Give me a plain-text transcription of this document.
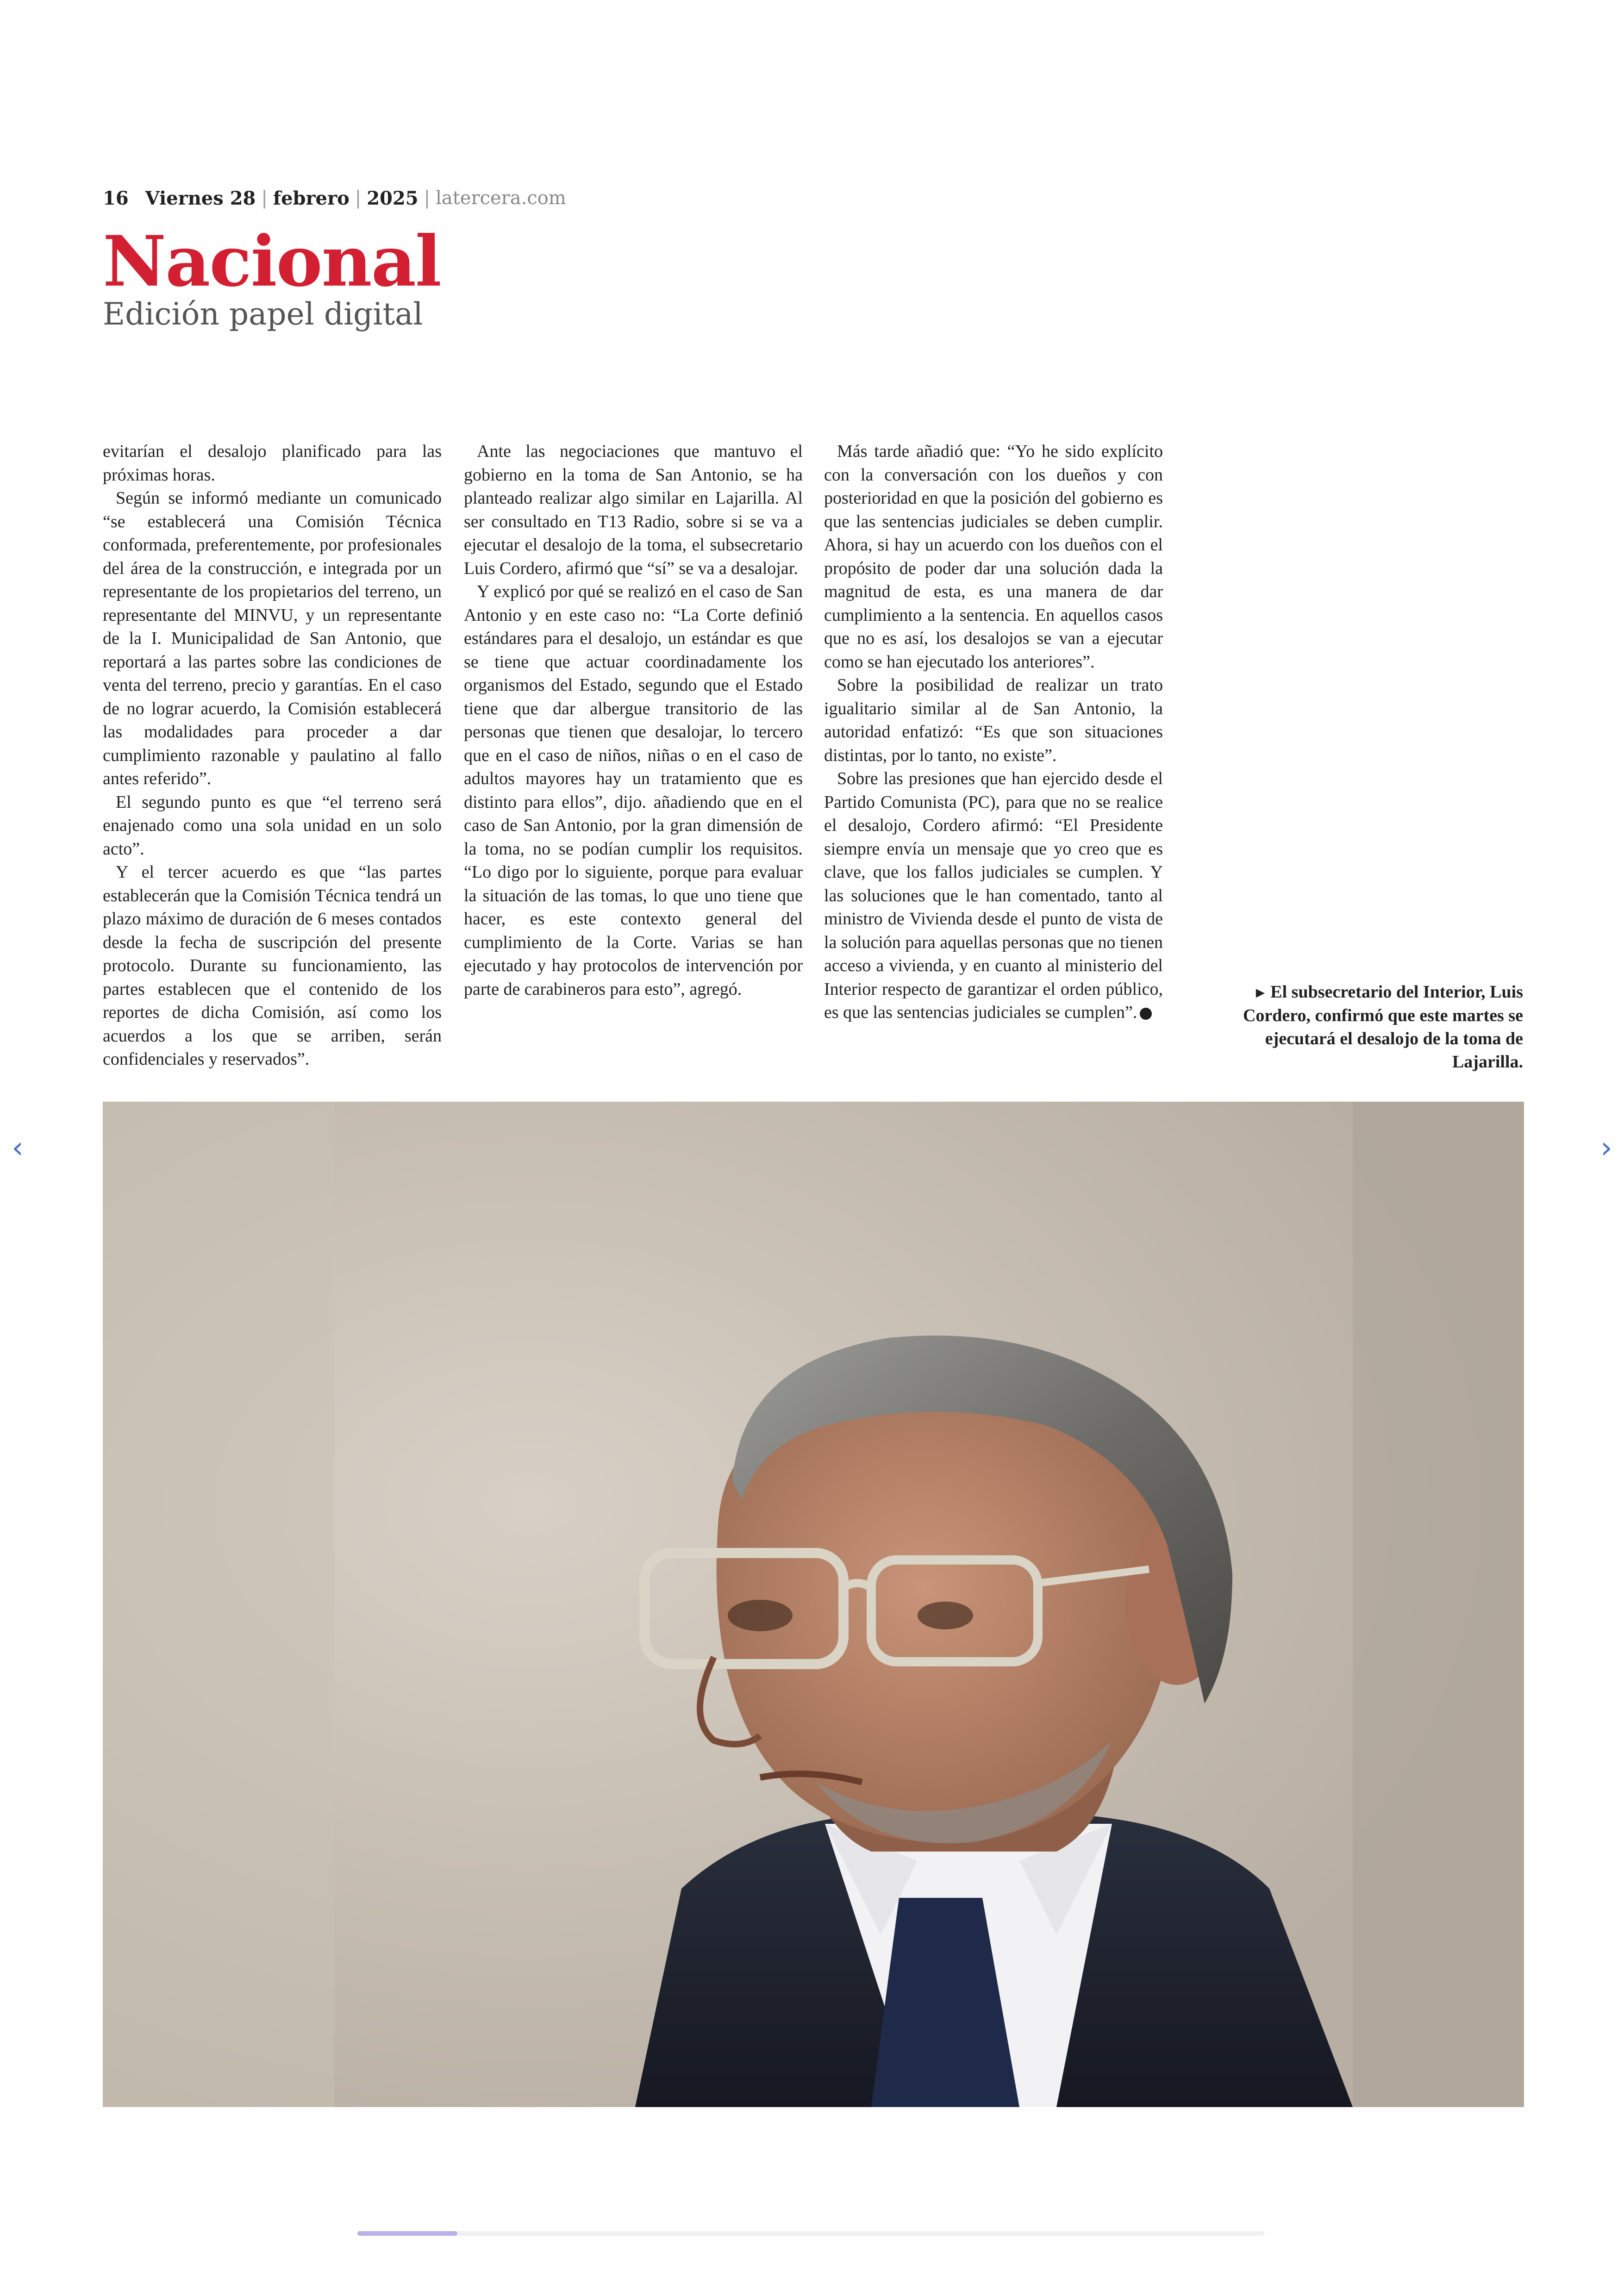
16 Viernes 28 | febrero | 2025 | latercera.com
Nacional
Edición papel digital

evitarían el desalojo planificado para las próximas horas.

Según se informó mediante un comunicado “se establecerá una Comisión Técnica conformada, preferentemente, por profesionales del área de la construcción, e integrada por un representante de los propietarios del terreno, un representante del MINVU, y un representante de la I. Municipalidad de San Antonio, que reportará a las partes sobre las condiciones de venta del terreno, precio y garantías. En el caso de no lograr acuerdo, la Comisión establecerá las modalidades para proceder a dar cumplimiento razonable y paulatino al fallo antes referido”.

El segundo punto es que “el terreno será enajenado como una sola unidad en un solo acto”.

Y el tercer acuerdo es que “las partes establecerán que la Comisión Técnica tendrá un plazo máximo de duración de 6 meses contados desde la fecha de suscripción del presente protocolo. Durante su funcionamiento, las partes establecen que el contenido de los reportes de dicha Comisión, así como los acuerdos a los que se arriben, serán confidenciales y reservados”.

Ante las negociaciones que mantuvo el gobierno en la toma de San Antonio, se ha planteado realizar algo similar en Lajarilla. Al ser consultado en T13 Radio, sobre si se va a ejecutar el desalojo de la toma, el subsecretario Luis Cordero, afirmó que “sí” se va a desalojar.

Y explicó por qué se realizó en el caso de San Antonio y en este caso no: “La Corte definió estándares para el desalojo, un estándar es que se tiene que actuar coordinadamente los organismos del Estado, segundo que el Estado tiene que dar albergue transitorio de las personas que tienen que desalojar, lo tercero que en el caso de niños, niñas o en el caso de adultos mayores hay un tratamiento que es distinto para ellos”, dijo. añadiendo que en el caso de San Antonio, por la gran dimensión de la toma, no se podían cumplir los requisitos. “Lo digo por lo siguiente, porque para evaluar la situación de las tomas, lo que uno tiene que hacer, es este contexto general del cumplimiento de la Corte. Varias se han ejecutado y hay protocolos de intervención por parte de carabineros para esto”, agregó.

Más tarde añadió que: “Yo he sido explícito con la conversación con los dueños y con posterioridad en que la posición del gobierno es que las sentencias judiciales se deben cumplir. Ahora, si hay un acuerdo con los dueños con el propósito de poder dar una solución dada la magnitud de esta, es una manera de dar cumplimiento a la sentencia. En aquellos casos que no es así, los desalojos se van a ejecutar como se han ejecutado los anteriores”.

Sobre la posibilidad de realizar un trato igualitario similar al de San Antonio, la autoridad enfatizó: “Es que son situaciones distintas, por lo tanto, no existe”.

Sobre las presiones que han ejercido desde el Partido Comunista (PC), para que no se realice el desalojo, Cordero afirmó: “El Presidente siempre envía un mensaje que yo creo que es clave, que los fallos judiciales se cumplen. Y las soluciones que le han comentado, tanto al ministro de Vivienda desde el punto de vista de la solución para aquellas personas que no tienen acceso a vivienda, y en cuanto al ministerio del Interior respecto de garantizar el orden público, es que las sentencias judiciales se cumplen”.

► El subsecretario del Interior, Luis Cordero, confirmó que este martes se ejecutará el desalojo de la toma de Lajarilla.
‹	›
